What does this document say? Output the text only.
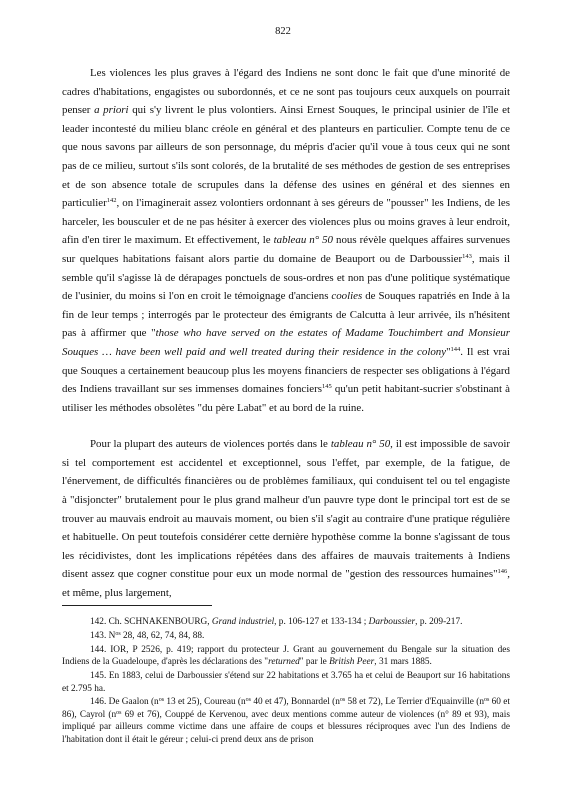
822

Les violences les plus graves à l'égard des Indiens ne sont donc le fait que d'une minorité de cadres d'habitations, engagistes ou subordonnés, et ce ne sont pas toujours ceux auxquels on pourrait penser a priori qui s'y livrent le plus volontiers. Ainsi Ernest Souques, le principal usinier de l'île et leader incontesté du milieu blanc créole en général et des planteurs en particulier. Compte tenu de ce que nous savons par ailleurs de son personnage, du mépris d'acier qu'il voue à tous ceux qui ne sont pas de ce milieu, surtout s'ils sont colorés, de la brutalité de ses méthodes de gestion de ses entreprises et de son absence totale de scrupules dans la défense des usines en général et des siennes en particulier$^{142}$, on l'imaginerait assez volontiers ordonnant à ses géreurs de "pousser" les Indiens, de les harceler, les bousculer et de ne pas hésiter à exercer des violences plus ou moins graves à leur endroit, afin d'en tirer le maximum. Et effectivement, le tableau n° 50 nous révèle quelques affaires survenues sur quelques habitations faisant alors partie du domaine de Beauport ou de Darboussier$^{143}$, mais il semble qu'il s'agisse là de dérapages ponctuels de sous-ordres et non pas d'une politique systématique de l'usinier, du moins si l'on en croit le témoignage d'anciens coolies de Souques rapatriés en Inde à la fin de leur temps ; interrogés par le protecteur des émigrants de Calcutta à leur arrivée, ils n'hésitent pas à affirmer que "those who have served on the estates of Madame Touchimbert and Monsieur Souques … have been well paid and well treated during their residence in the colony"$^{144}$. Il est vrai que Souques a certainement beaucoup plus les moyens financiers de respecter ses obligations à l'égard des Indiens travaillant sur ses immenses domaines fonciers$^{145}$ qu'un petit habitant-sucrier s'obstinant à utiliser les méthodes obsolètes "du père Labat" et au bord de la ruine.

Pour la plupart des auteurs de violences portés dans le tableau n° 50, il est impossible de savoir si tel comportement est accidentel et exceptionnel, sous l'effet, par exemple, de la fatigue, de l'énervement, de difficultés financières ou de problèmes familiaux, qui conduisent tel ou tel engagiste à "disjoncter" brutalement pour le plus grand malheur d'un pauvre type dont le principal tort est de se trouver au mauvais endroit au mauvais moment, ou bien s'il s'agit au contraire d'une pratique régulière et habituelle. On peut toutefois considérer cette dernière hypothèse comme la bonne s'agissant de tous les récidivistes, dont les implications répétées dans des affaires de mauvais traitements à Indiens disent assez que cogner constitue pour eux un mode normal de "gestion des ressources humaines"$^{146}$, et même, plus largement,

142. Ch. SCHNAKENBOURG, Grand industriel, p. 106-127 et 133-134 ; Darboussier, p. 209-217.

143. $N^{os}$ 28, 48, 62, 74, 84, 88.

144. IOR, P 2526, p. 419; rapport du protecteur J. Grant au gouvernement du Bengale sur la situation des Indiens de la Guadeloupe, d'après les déclarations des "returned" par le British Peer, 31 mars 1885.

145. En 1883, celui de Darboussier s'étend sur 22 habitations et 3.765 ha et celui de Beauport sur 16 habitations et 2.795 ha.

146. De Gaalon ($n^{os}$ 13 et 25), Coureau ($n^{os}$ 40 et 47), Bonnardel ($n^{os}$ 58 et 72), Le Terrier d'Equainville ($n^{os}$ 60 et 86), Cayrol ($n^{os}$ 69 et 76), Couppé de Kervenou, avec deux mentions comme auteur de violences (n° 89 et 93), mais impliqué par ailleurs comme victime dans une affaire de coups et blessures réciproques avec l'un des Indiens de l'habitation dont il était le géreur ; celui-ci prend deux ans de prison
